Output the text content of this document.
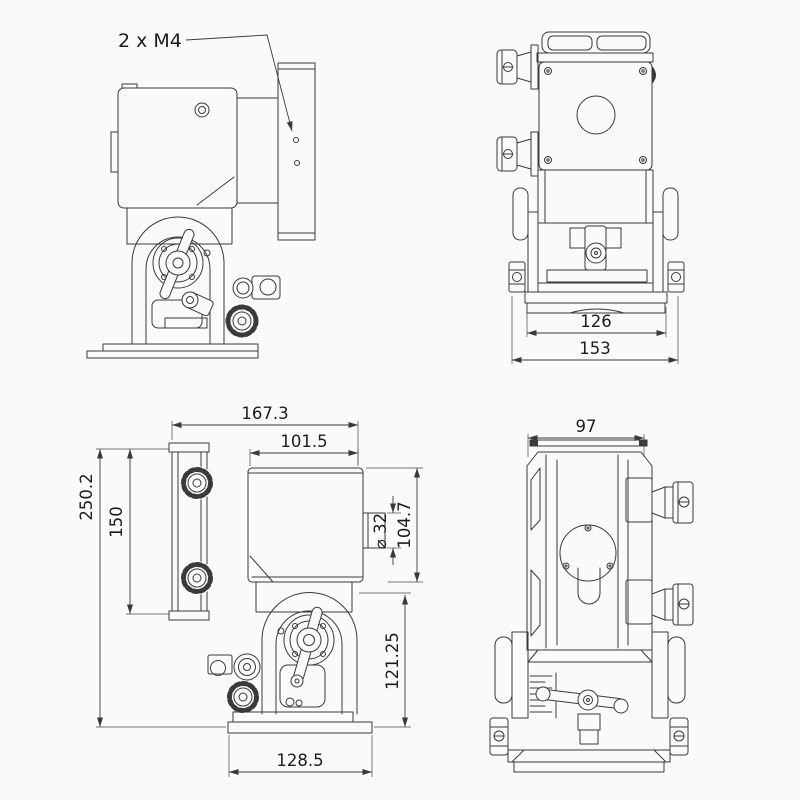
2 x M4
126
153
167.3
101.5
250.2
150	⌀ 32 104.7
121.25
128.5
97
